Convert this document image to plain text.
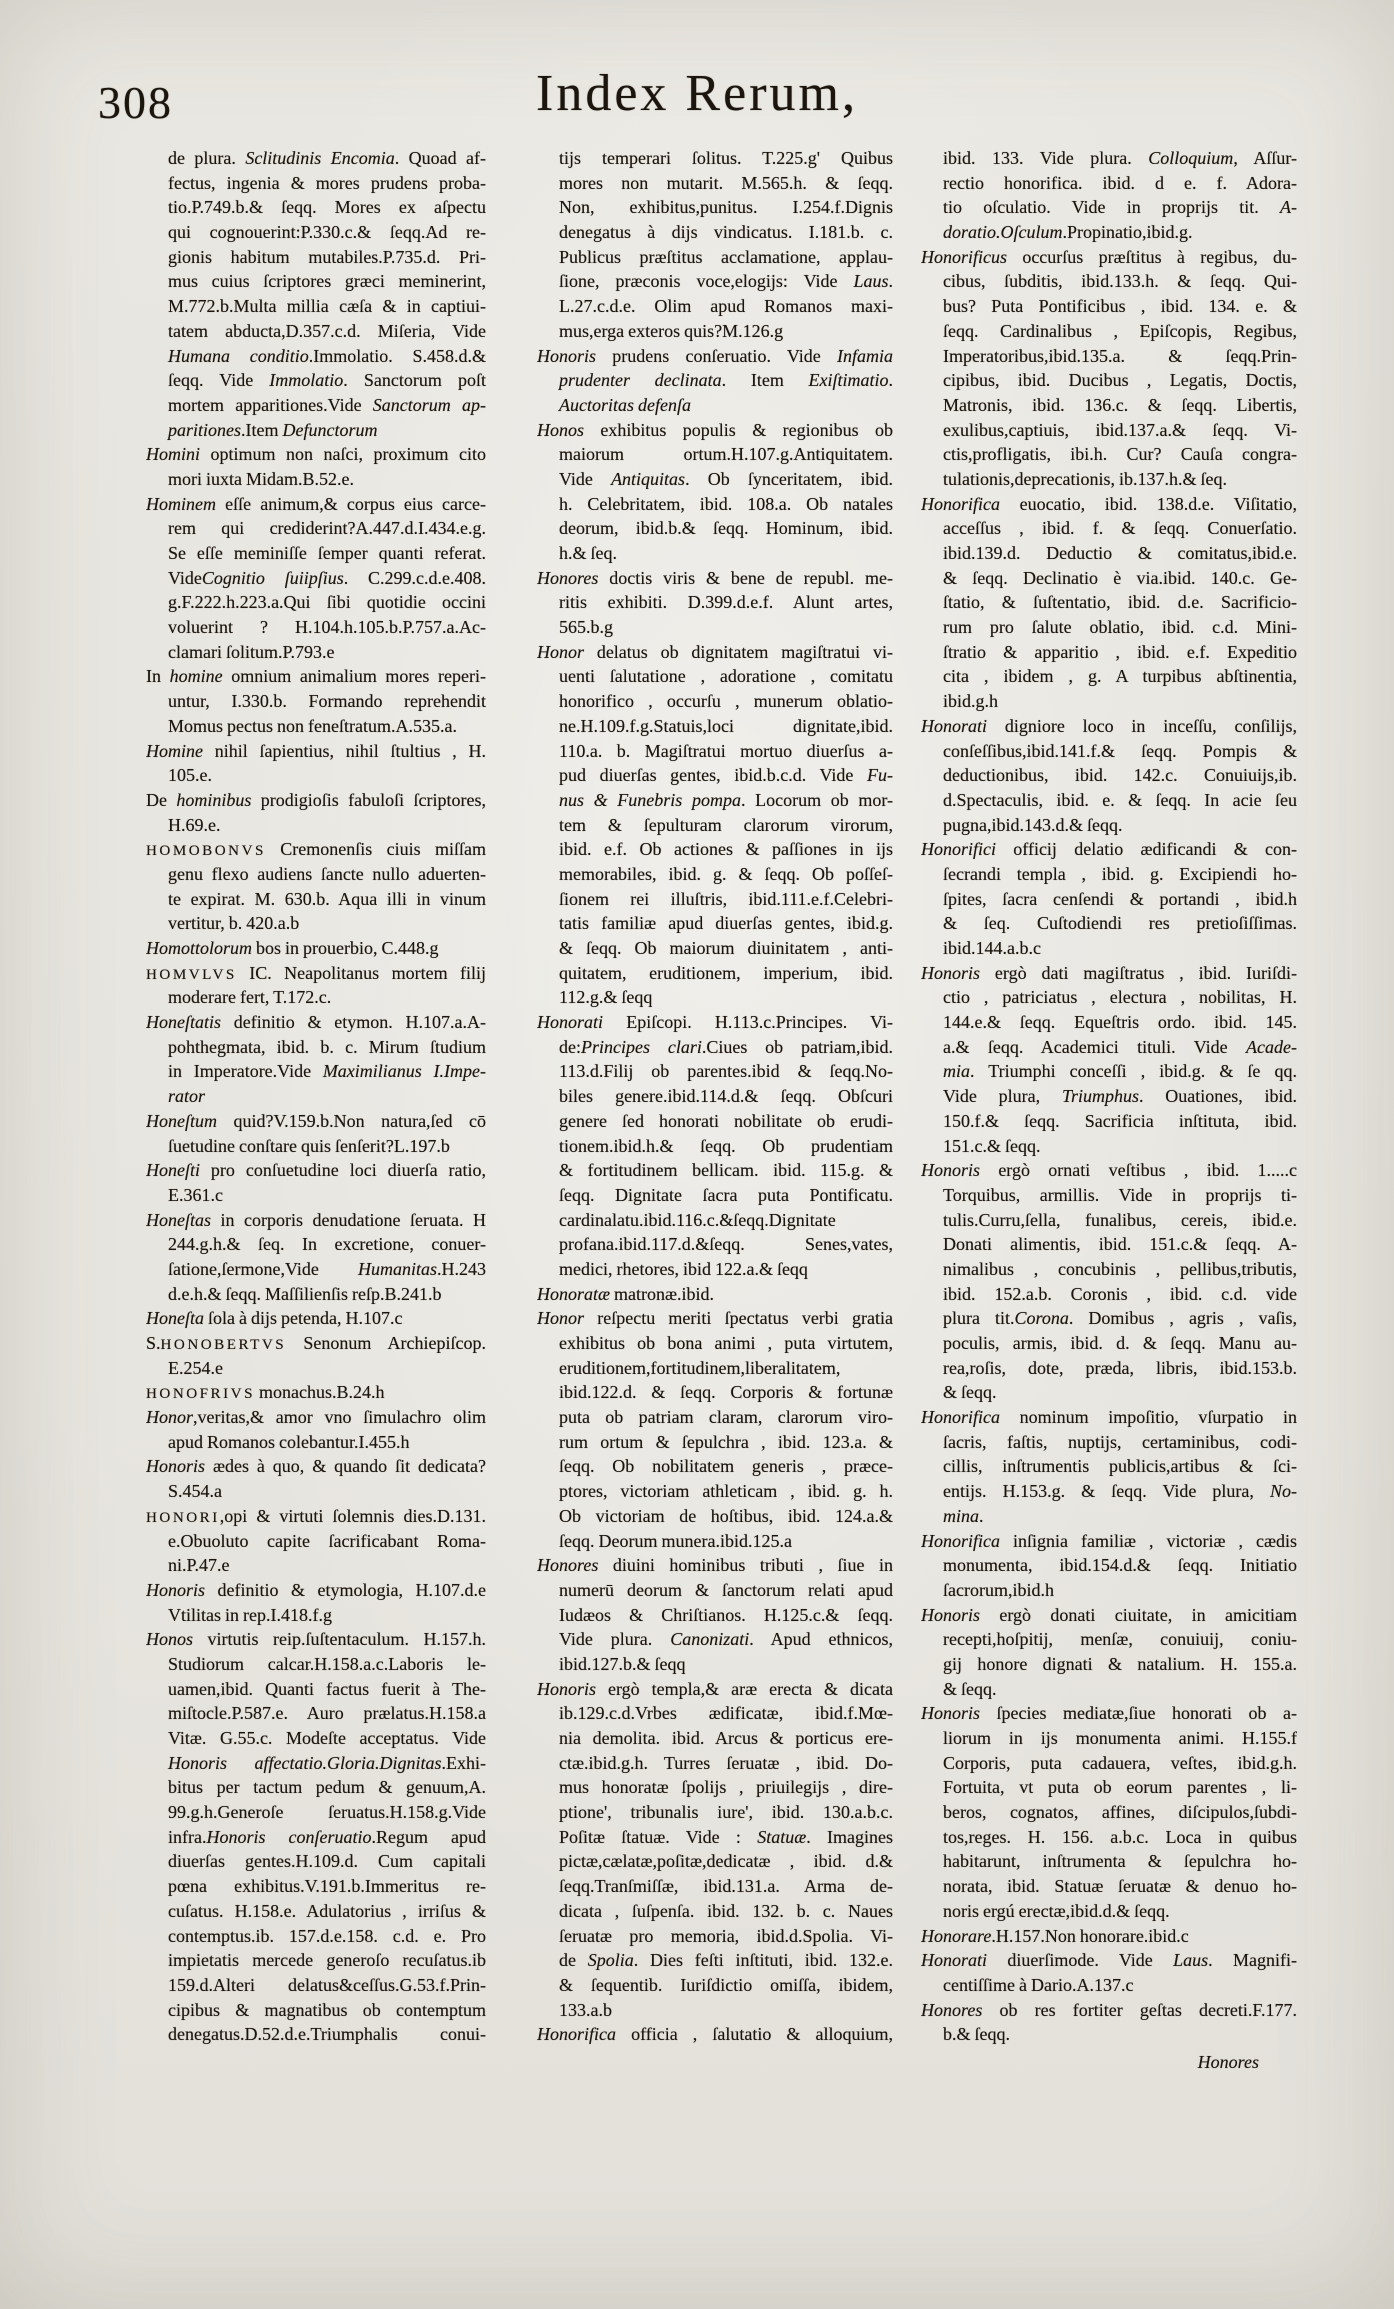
308	Index Rerum,
de plura. Sclitudinis Encomia. Quoad af-
fectus, ingenia & mores prudens proba-
tio.P.749.b.& ſeqq. Mores ex aſpectu
qui cognouerint:P.330.c.& ſeqq.Ad re-
gionis habitum mutabiles.P.735.d. Pri-
mus cuius ſcriptores græci meminerint,
M.772.b.Multa millia cæſa & in captiui-
tatem abducta,D.357.c.d. Miſeria, Vide
Humana conditio.Immolatio. S.458.d.&
ſeqq. Vide Immolatio. Sanctorum poſt
mortem apparitiones.Vide Sanctorum ap-
paritiones.Item Defunctorum
Homini optimum non naſci, proximum cito
mori iuxta Midam.B.52.e.
Hominem eſſe animum,& corpus eius carce-
rem qui crediderint?A.447.d.I.434.e.g.
Se eſſe meminiſſe ſemper quanti referat.
VideCognitio ſuiipſius. C.299.c.d.e.408.
g.F.222.h.223.a.Qui ſibi quotidie occini
voluerint ? H.104.h.105.b.P.757.a.Ac-
clamari ſolitum.P.793.e
In homine omnium animalium mores reperi-
untur, I.330.b. Formando reprehendit
Momus pectus non feneſtratum.A.535.a.
Homine nihil ſapientius, nihil ſtultius , H.
105.e.
De hominibus prodigioſis fabuloſi ſcriptores,
H.69.e.
HOMOBONVS Cremonenſis ciuis miſſam
genu flexo audiens ſancte nullo aduerten-
te expirat. M. 630.b. Aqua illi in vinum
vertitur, b. 420.a.b
Homottolorum bos in prouerbio, C.448.g
HOMVLVS IC. Neapolitanus mortem filij
moderare fert, T.172.c.
Honeſtatis definitio & etymon. H.107.a.A-
pohthegmata, ibid. b. c. Mirum ſtudium
in Imperatore.Vide Maximilianus I.Impe-
rator
Honeſtum quid?V.159.b.Non natura,ſed cō
ſuetudine conſtare quis ſenſerit?L.197.b
Honeſti pro conſuetudine loci diuerſa ratio,
E.361.c
Honeſtas in corporis denudatione ſeruata. H
244.g.h.& ſeq. In excretione, conuer-
ſatione,ſermone,Vide Humanitas.H.243
d.e.h.& ſeqq. Maſſilienſis reſp.B.241.b
Honeſta ſola à dijs petenda, H.107.c
S.HONOBERTVS Senonum Archiepiſcop.
E.254.e
HONOFRIVS monachus.B.24.h
Honor,veritas,& amor vno ſimulachro olim
apud Romanos colebantur.I.455.h
Honoris ædes à quo, & quando ſit dedicata?
S.454.a
HONORI,opi & virtuti ſolemnis dies.D.131.
e.Obuoluto capite ſacrificabant Roma-
ni.P.47.e
Honoris definitio & etymologia, H.107.d.e
Vtilitas in rep.I.418.f.g
Honos virtutis reip.ſuſtentaculum. H.157.h.
Studiorum calcar.H.158.a.c.Laboris le-
uamen,ibid. Quanti factus fuerit à The-
miſtocle.P.587.e. Auro prælatus.H.158.a
Vitæ. G.55.c. Modeſte acceptatus. Vide
Honoris affectatio.Gloria.Dignitas.Exhi-
bitus per tactum pedum & genuum,A.
99.g.h.Generoſe ſeruatus.H.158.g.Vide
infra.Honoris conſeruatio.Regum apud
diuerſas gentes.H.109.d. Cum capitali
pœna exhibitus.V.191.b.Immeritus re-
cuſatus. H.158.e. Adulatorius , irriſus &
contemptus.ib. 157.d.e.158. c.d. e. Pro
impietatis mercede generoſo recuſatus.ib
159.d.Alteri delatus&ceſſus.G.53.f.Prin-
cipibus & magnatibus ob contemptum
denegatus.D.52.d.e.Triumphalis conui-
tijs temperari ſolitus. T.225.g' Quibus
mores non mutarit. M.565.h. & ſeqq.
Non, exhibitus,punitus. I.254.f.Dignis
denegatus à dijs vindicatus. I.181.b. c.
Publicus præſtitus acclamatione, applau-
ſione, præconis voce,elogijs: Vide Laus.
L.27.c.d.e. Olim apud Romanos maxi-
mus,erga exteros quis?M.126.g
Honoris prudens conſeruatio. Vide Infamia
prudenter declinata. Item Exiſtimatio.
Auctoritas defenſa
Honos exhibitus populis & regionibus ob
maiorum ortum.H.107.g.Antiquitatem.
Vide Antiquitas. Ob ſynceritatem, ibid.
h. Celebritatem, ibid. 108.a. Ob natales
deorum, ibid.b.& ſeqq. Hominum, ibid.
h.& ſeq.
Honores doctis viris & bene de republ. me-
ritis exhibiti. D.399.d.e.f. Alunt artes,
565.b.g
Honor delatus ob dignitatem magiſtratui vi-
uenti ſalutatione , adoratione , comitatu
honorifico , occurſu , munerum oblatio-
ne.H.109.f.g.Statuis,loci dignitate,ibid.
110.a. b. Magiſtratui mortuo diuerſus a-
pud diuerſas gentes, ibid.b.c.d. Vide Fu-
nus & Funebris pompa. Locorum ob mor-
tem & ſepulturam clarorum virorum,
ibid. e.f. Ob actiones & paſſiones in ijs
memorabiles, ibid. g. & ſeqq. Ob poſſeſ-
ſionem rei illuſtris, ibid.111.e.f.Celebri-
tatis familiæ apud diuerſas gentes, ibid.g.
& ſeqq. Ob maiorum diuinitatem , anti-
quitatem, eruditionem, imperium, ibid.
112.g.& ſeqq
Honorati Epiſcopi. H.113.c.Principes. Vi-
de:Principes clari.Ciues ob patriam,ibid.
113.d.Filij ob parentes.ibid & ſeqq.No-
biles genere.ibid.114.d.& ſeqq. Obſcuri
genere ſed honorati nobilitate ob erudi-
tionem.ibid.h.& ſeqq. Ob prudentiam
& fortitudinem bellicam. ibid. 115.g. &
ſeqq. Dignitate ſacra puta Pontificatu.
cardinalatu.ibid.116.c.&ſeqq.Dignitate
profana.ibid.117.d.&ſeqq. Senes,vates,
medici, rhetores, ibid 122.a.& ſeqq
Honoratæ matronæ.ibid.
Honor reſpectu meriti ſpectatus verbi gratia
exhibitus ob bona animi , puta virtutem,
eruditionem,fortitudinem,liberalitatem,
ibid.122.d. & ſeqq. Corporis & fortunæ
puta ob patriam claram, clarorum viro-
rum ortum & ſepulchra , ibid. 123.a. &
ſeqq. Ob nobilitatem generis , præce-
ptores, victoriam athleticam , ibid. g. h.
Ob victoriam de hoſtibus, ibid. 124.a.&
ſeqq. Deorum munera.ibid.125.a
Honores diuini hominibus tributi , ſiue in
numerū deorum & ſanctorum relati apud
Iudæos & Chriſtianos. H.125.c.& ſeqq.
Vide plura. Canonizati. Apud ethnicos,
ibid.127.b.& ſeqq
Honoris ergò templa,& aræ erecta & dicata
ib.129.c.d.Vrbes ædificatæ, ibid.f.Mœ-
nia demolita. ibid. Arcus & porticus ere-
ctæ.ibid.g.h. Turres ſeruatæ , ibid. Do-
mus honoratæ ſpolijs , priuilegijs , dire-
ptione', tribunalis iure', ibid. 130.a.b.c.
Poſitæ ſtatuæ. Vide : Statuæ. Imagines
pictæ,cælatæ,poſitæ,dedicatæ , ibid. d.&
ſeqq.Tranſmiſſæ, ibid.131.a. Arma de-
dicata , ſuſpenſa. ibid. 132. b. c. Naues
ſeruatæ pro memoria, ibid.d.Spolia. Vi-
de Spolia. Dies feſti inſtituti, ibid. 132.e.
& ſequentib. Iuriſdictio omiſſa, ibidem,
133.a.b
Honorifica officia , ſalutatio & alloquium,
ibid. 133. Vide plura. Colloquium, Aſſur-
rectio honorifica. ibid. d e. f. Adora-
tio oſculatio. Vide in proprijs tit. A-
doratio.Oſculum.Propinatio,ibid.g.
Honorificus occurſus præſtitus à regibus, du-
cibus, ſubditis, ibid.133.h. & ſeqq. Qui-
bus? Puta Pontificibus , ibid. 134. e. &
ſeqq. Cardinalibus , Epiſcopis, Regibus,
Imperatoribus,ibid.135.a. & ſeqq.Prin-
cipibus, ibid. Ducibus , Legatis, Doctis,
Matronis, ibid. 136.c. & ſeqq. Libertis,
exulibus,captiuis, ibid.137.a.& ſeqq. Vi-
ctis,profligatis, ibi.h. Cur? Cauſa congra-
tulationis,deprecationis, ib.137.h.& ſeq.
Honorifica euocatio, ibid. 138.d.e. Viſitatio,
acceſſus , ibid. f. & ſeqq. Conuerſatio.
ibid.139.d. Deductio & comitatus,ibid.e.
& ſeqq. Declinatio è via.ibid. 140.c. Ge-
ſtatio, & ſuſtentatio, ibid. d.e. Sacrificio-
rum pro ſalute oblatio, ibid. c.d. Mini-
ſtratio & apparitio , ibid. e.f. Expeditio
cita , ibidem , g. A turpibus abſtinentia,
ibid.g.h
Honorati digniore loco in inceſſu, conſilijs,
conſeſſibus,ibid.141.f.& ſeqq. Pompis &
deductionibus, ibid. 142.c. Conuiuijs,ib.
d.Spectaculis, ibid. e. & ſeqq. In acie ſeu
pugna,ibid.143.d.& ſeqq.
Honorifici officij delatio ædificandi & con-
ſecrandi templa , ibid. g. Excipiendi ho-
ſpites, ſacra cenſendi & portandi , ibid.h
& ſeq. Cuſtodiendi res pretioſiſſimas.
ibid.144.a.b.c
Honoris ergò dati magiſtratus , ibid. Iuriſdi-
ctio , patriciatus , electura , nobilitas, H.
144.e.& ſeqq. Equeſtris ordo. ibid. 145.
a.& ſeqq. Academici tituli. Vide Acade-
mia. Triumphi conceſſi , ibid.g. & ſe qq.
Vide plura, Triumphus. Ouationes, ibid.
150.f.& ſeqq. Sacrificia inſtituta, ibid.
151.c.& ſeqq.
Honoris ergò ornati veſtibus , ibid. 1.....c
Torquibus, armillis. Vide in proprijs ti-
tulis.Curru,ſella, funalibus, cereis, ibid.e.
Donati alimentis, ibid. 151.c.& ſeqq. A-
nimalibus , concubinis , pellibus,tributis,
ibid. 152.a.b. Coronis , ibid. c.d. vide
plura tit.Corona. Domibus , agris , vaſis,
poculis, armis, ibid. d. & ſeqq. Manu au-
rea,roſis, dote, præda, libris, ibid.153.b.
& ſeqq.
Honorifica nominum impoſitio, vſurpatio in
ſacris, faſtis, nuptijs, certaminibus, codi-
cillis, inſtrumentis publicis,artibus & ſci-
entijs. H.153.g. & ſeqq. Vide plura, No-
mina.
Honorifica inſignia familiæ , victoriæ , cædis
monumenta, ibid.154.d.& ſeqq. Initiatio
ſacrorum,ibid.h
Honoris ergò donati ciuitate, in amicitiam
recepti,hoſpitij, menſæ, conuiuij, coniu-
gij honore dignati & natalium. H. 155.a.
& ſeqq.
Honoris ſpecies mediatæ,ſiue honorati ob a-
liorum in ijs monumenta animi. H.155.f
Corporis, puta cadauera, veſtes, ibid.g.h.
Fortuita, vt puta ob eorum parentes , li-
beros, cognatos, affines, diſcipulos,ſubdi-
tos,reges. H. 156. a.b.c. Loca in quibus
habitarunt, inſtrumenta & ſepulchra ho-
norata, ibid. Statuæ ſeruatæ & denuo ho-
noris ergú erectæ,ibid.d.& ſeqq.
Honorare.H.157.Non honorare.ibid.c
Honorati diuerſimode. Vide Laus. Magnifi-
centiſſime à Dario.A.137.c
Honores ob res fortiter geſtas decreti.F.177.
b.& ſeqq.
Honores
